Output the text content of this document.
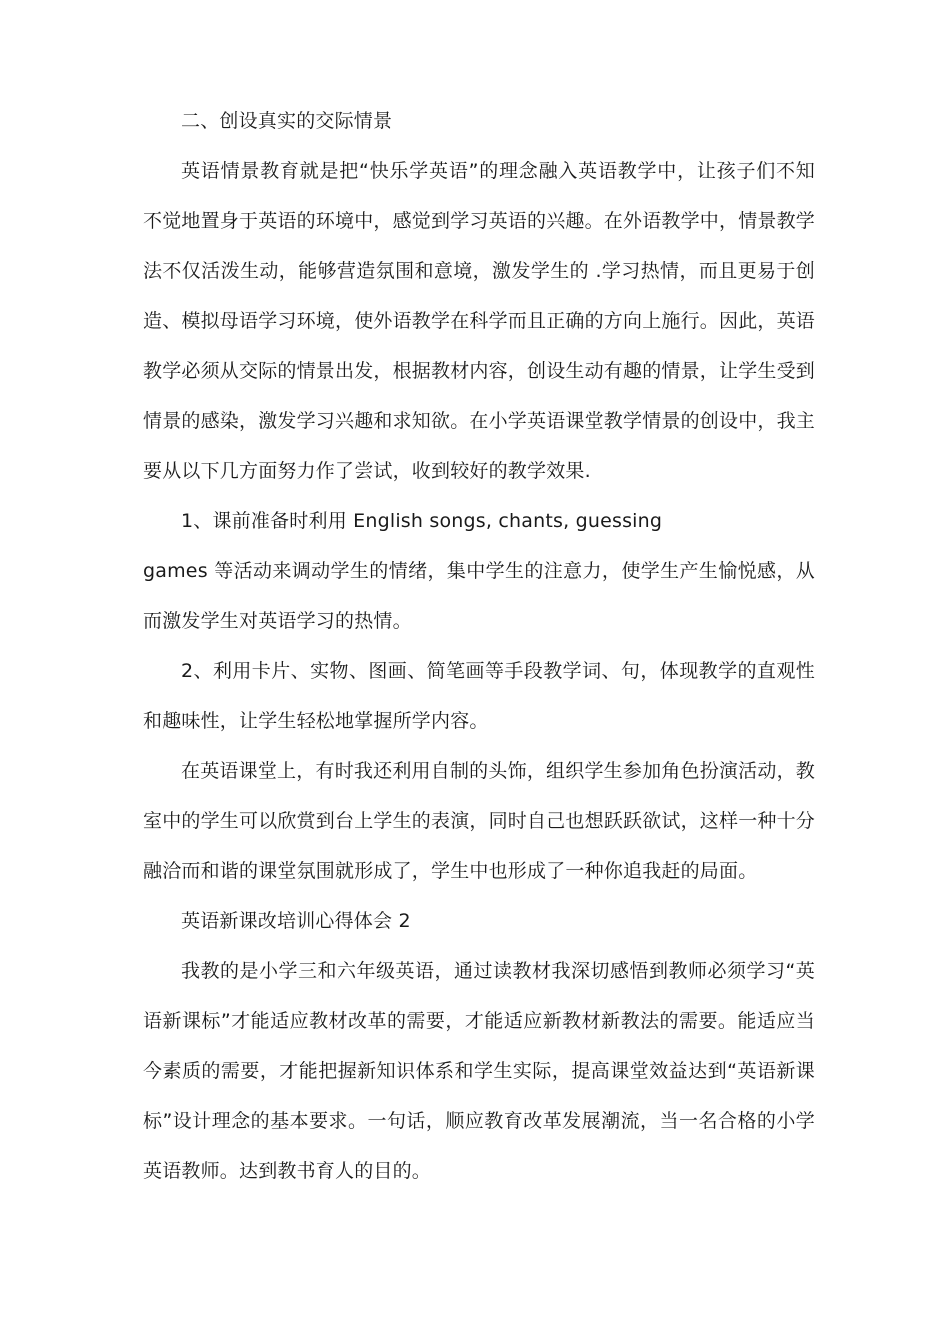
二、创设真实的交际情景

英语情景教育就是把“快乐学英语”的理念融入英语教学中，让孩子们不知不觉地置身于英语的环境中，感觉到学习英语的兴趣。在外语教学中，情景教学法不仅活泼生动，能够营造氛围和意境，激发学生的 .学习热情，而且更易于创造、模拟母语学习环境，使外语教学在科学而且正确的方向上施行。因此，英语教学必须从交际的情景出发，根据教材内容，创设生动有趣的情景，让学生受到情景的感染，激发学习兴趣和求知欲。在小学英语课堂教学情景的创设中，我主要从以下几方面努力作了尝试，收到较好的教学效果.

1、课前准备时利用 English songs, chants, guessing

games 等活动来调动学生的情绪，集中学生的注意力，使学生产生愉悦感，从而激发学生对英语学习的热情。

2、利用卡片、实物、图画、简笔画等手段教学词、句，体现教学的直观性和趣味性，让学生轻松地掌握所学内容。

在英语课堂上，有时我还利用自制的头饰，组织学生参加角色扮演活动，教室中的学生可以欣赏到台上学生的表演，同时自己也想跃跃欲试，这样一种十分融洽而和谐的课堂氛围就形成了，学生中也形成了一种你追我赶的局面。

英语新课改培训心得体会 2

我教的是小学三和六年级英语，通过读教材我深切感悟到教师必须学习“英语新课标”才能适应教材改革的需要，才能适应新教材新教法的需要。能适应当今素质的需要，才能把握新知识体系和学生实际，提高课堂效益达到“英语新课标”设计理念的基本要求。一句话，顺应教育改革发展潮流，当一名合格的小学英语教师。达到教书育人的目的。
